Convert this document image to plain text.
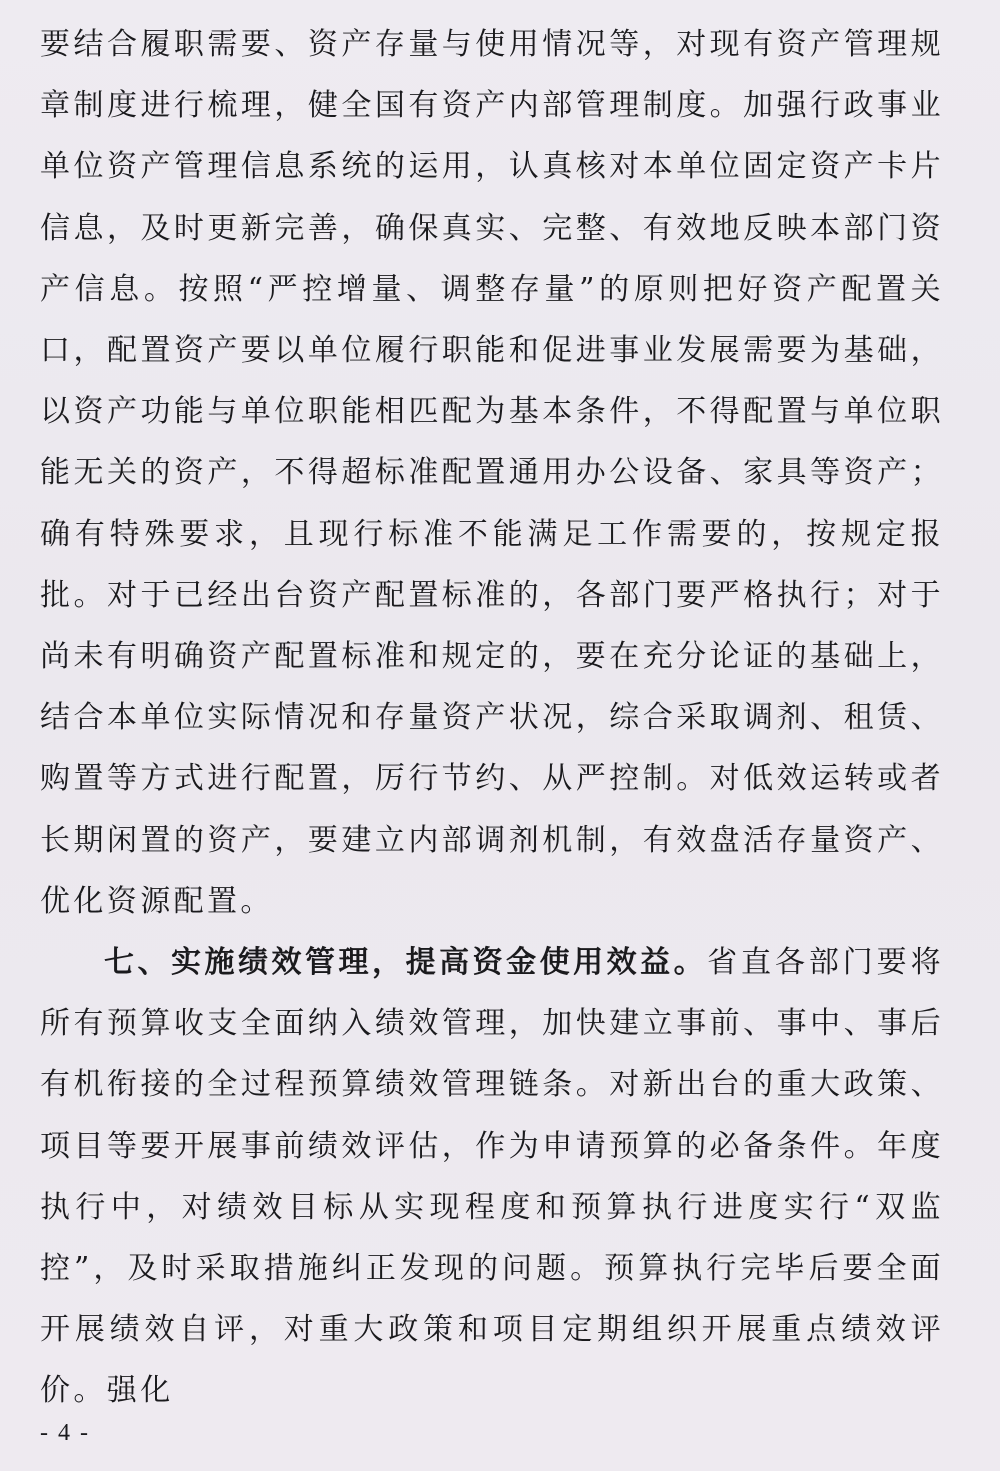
要结合履职需要、资产存量与使用情况等，对现有资产管理规章制度进行梳理，健全国有资产内部管理制度。加强行政事业单位资产管理信息系统的运用，认真核对本单位固定资产卡片信息，及时更新完善，确保真实、完整、有效地反映本部门资产信息。按照“严控增量、调整存量”的原则把好资产配置关口，配置资产要以单位履行职能和促进事业发展需要为基础，以资产功能与单位职能相匹配为基本条件，不得配置与单位职能无关的资产，不得超标准配置通用办公设备、家具等资产；确有特殊要求，且现行标准不能满足工作需要的，按规定报批。对于已经出台资产配置标准的，各部门要严格执行；对于尚未有明确资产配置标准和规定的，要在充分论证的基础上，结合本单位实际情况和存量资产状况，综合采取调剂、租赁、购置等方式进行配置，厉行节约、从严控制。对低效运转或者长期闲置的资产，要建立内部调剂机制，有效盘活存量资产、优化资源配置。

七、实施绩效管理，提高资金使用效益。省直各部门要将所有预算收支全面纳入绩效管理，加快建立事前、事中、事后有机衔接的全过程预算绩效管理链条。对新出台的重大政策、项目等要开展事前绩效评估，作为申请预算的必备条件。年度执行中，对绩效目标从实现程度和预算执行进度实行“双监控”，及时采取措施纠正发现的问题。预算执行完毕后要全面开展绩效自评，对重大政策和项目定期组织开展重点绩效评价。强化

- 4 -
